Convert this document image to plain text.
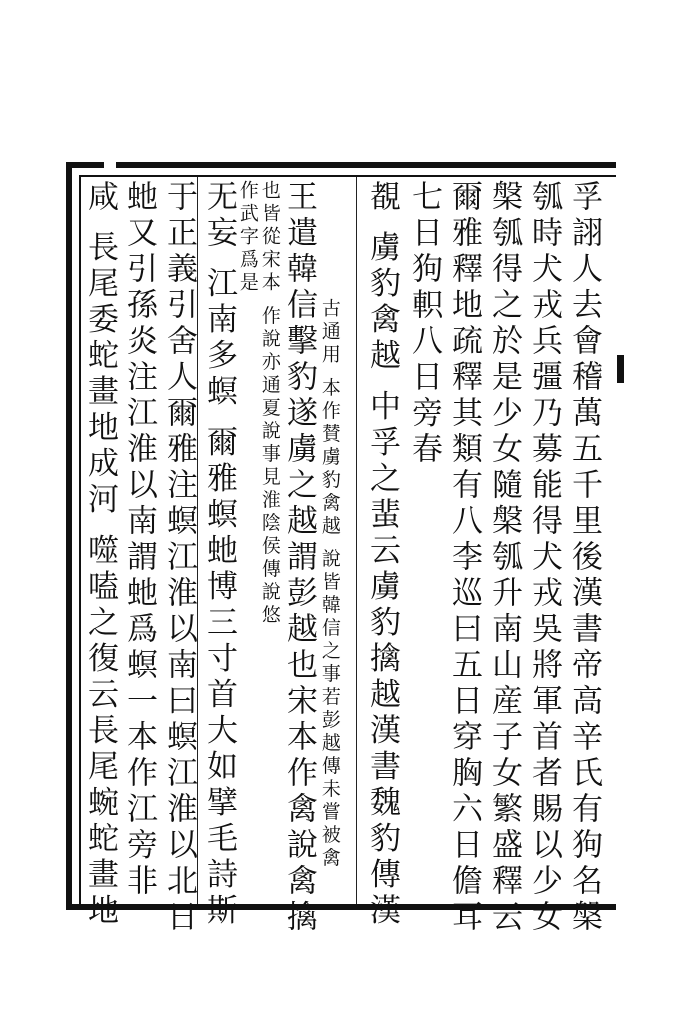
孚詡人去會稽萬五千里後漢書帝高辛氏有狗名槃
瓠時犬戎兵彊乃募能得犬戎吳將軍首者賜以少女
槃瓠得之於是少女隨槃瓠升南山産子女繁盛釋云
爾雅釋地疏釋其類有八李巡曰五日穿胸六日儋耳
七日狗軹八日旁春
覩 虜豹禽越 中孚之蜚云虜豹擒越漢書魏豹傳漢
古通用 本作賛虜豹禽越 說皆韓信之事若彭越傳未嘗被禽
王遣韓信擊豹遂虜之越謂彭越也宋本作禽說禽擒
也皆從宋本 作說亦通夏說事見淮陰侯傳說悠
作武字爲是
无妄 江南多螟 爾雅螟虵博三寸首大如擘毛詩斯
于正義引舍人爾雅注螟江淮以南曰螟江淮以北日
虵又引孫炎注江淮以南謂虵爲螟一本作江旁非
咸 長尾委蛇畫地成河 噬嗑之復云長尾蜿蛇畫地
